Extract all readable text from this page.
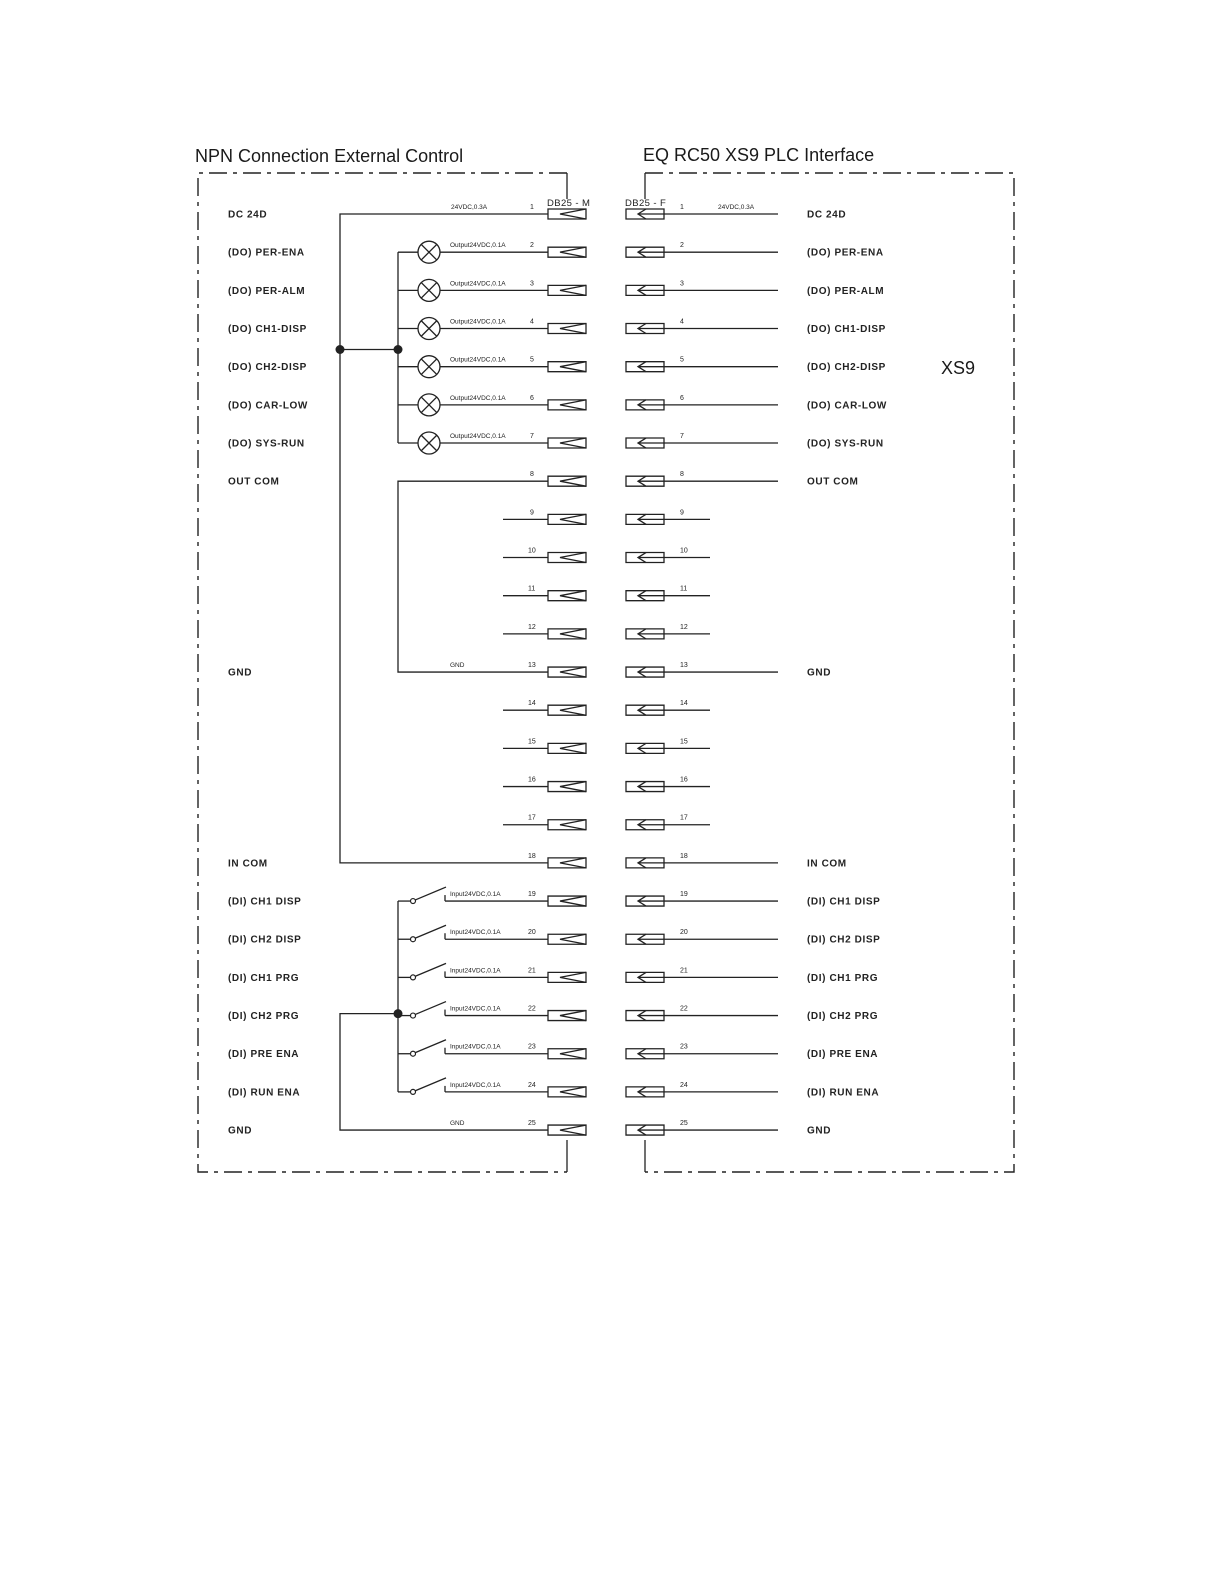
NPN Connection External Control	EQ RC50 XS9 PLC Interface
DB25 - M	DB25 - F
XS9
24VDC,0.3A	24VDC,0.3A
Output24VDC,0.1A
Output24VDC,0.1A
Output24VDC,0.1A
Output24VDC,0.1A
Output24VDC,0.1A
Output24VDC,0.1A
GND
GND
Input24VDC,0.1A
Input24VDC,0.1A
Input24VDC,0.1A
Input24VDC,0.1A
Input24VDC,0.1A
Input24VDC,0.1A
DC 24D	DC 24D
1	1
(DO) PER-ENA	(DO) PER-ENA
2	2
(DO) PER-ALM	(DO) PER-ALM
3	3
(DO) CH1-DISP	(DO) CH1-DISP
4	4
(DO) CH2-DISP	(DO) CH2-DISP
5	5
(DO) CAR-LOW	(DO) CAR-LOW
6	6
(DO) SYS-RUN	(DO) SYS-RUN
7	7
OUT COM	OUT COM
8	8
9	9
10	10
11	11
12	12
GND	GND
13	13
14	14
15	15
16	16
17	17
IN COM	IN COM
18	18
(DI) CH1 DISP	(DI) CH1 DISP
19	19
(DI) CH2 DISP	(DI) CH2 DISP
20	20
(DI) CH1 PRG	(DI) CH1 PRG
21	21
(DI) CH2 PRG	(DI) CH2 PRG
22	22
(DI) PRE ENA	(DI) PRE ENA
23	23
(DI) RUN ENA	(DI) RUN ENA
24	24
GND	GND
25	25
